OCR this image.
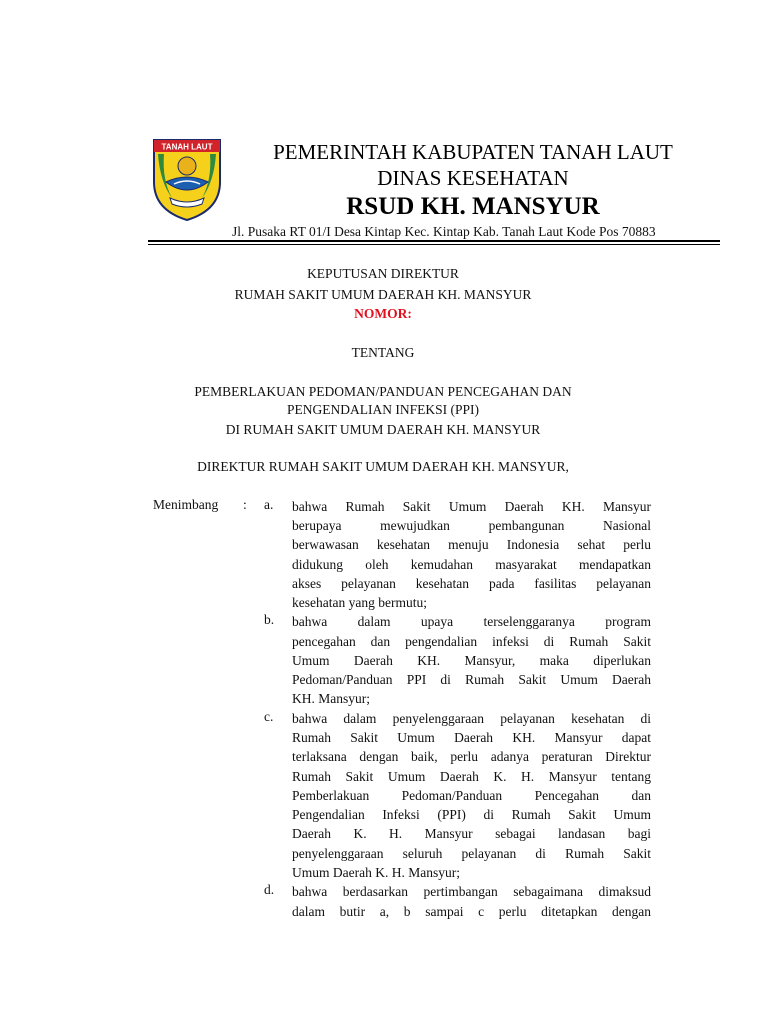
TANAH LAUT	PEMERINTAH KABUPATEN TANAH LAUT
DINAS KESEHATAN
RSUD KH. MANSYUR
Jl. Pusaka RT 01/I Desa Kintap Kec. Kintap Kab. Tanah Laut Kode Pos 70883
KEPUTUSAN DIREKTUR
RUMAH SAKIT UMUM DAERAH KH. MANSYUR
NOMOR:
TENTANG
PEMBERLAKUAN PEDOMAN/PANDUAN PENCEGAHAN DAN
PENGENDALIAN INFEKSI (PPI)
DI RUMAH SAKIT UMUM DAERAH KH. MANSYUR
DIREKTUR RUMAH SAKIT UMUM DAERAH KH. MANSYUR,
Menimbang : a. bahwa Rumah Sakit Umum Daerah KH. Mansyur
berupaya mewujudkan pembangunan Nasional
berwawasan kesehatan menuju Indonesia sehat perlu
didukung oleh kemudahan masyarakat mendapatkan
akses pelayanan kesehatan pada fasilitas pelayanan
kesehatan yang bermutu;
b. bahwa dalam upaya terselenggaranya program
pencegahan dan pengendalian infeksi di Rumah Sakit
Umum Daerah KH. Mansyur, maka diperlukan
Pedoman/Panduan PPI di Rumah Sakit Umum Daerah
KH. Mansyur;
c. bahwa dalam penyelenggaraan pelayanan kesehatan di
Rumah Sakit Umum Daerah KH. Mansyur dapat
terlaksana dengan baik, perlu adanya peraturan Direktur
Rumah Sakit Umum Daerah K. H. Mansyur tentang
Pemberlakuan Pedoman/Panduan Pencegahan dan
Pengendalian Infeksi (PPI) di Rumah Sakit Umum
Daerah K. H. Mansyur sebagai landasan bagi
penyelenggaraan seluruh pelayanan di Rumah Sakit
Umum Daerah K. H. Mansyur;
d. bahwa berdasarkan pertimbangan sebagaimana dimaksud
dalam butir a, b sampai c perlu ditetapkan dengan
